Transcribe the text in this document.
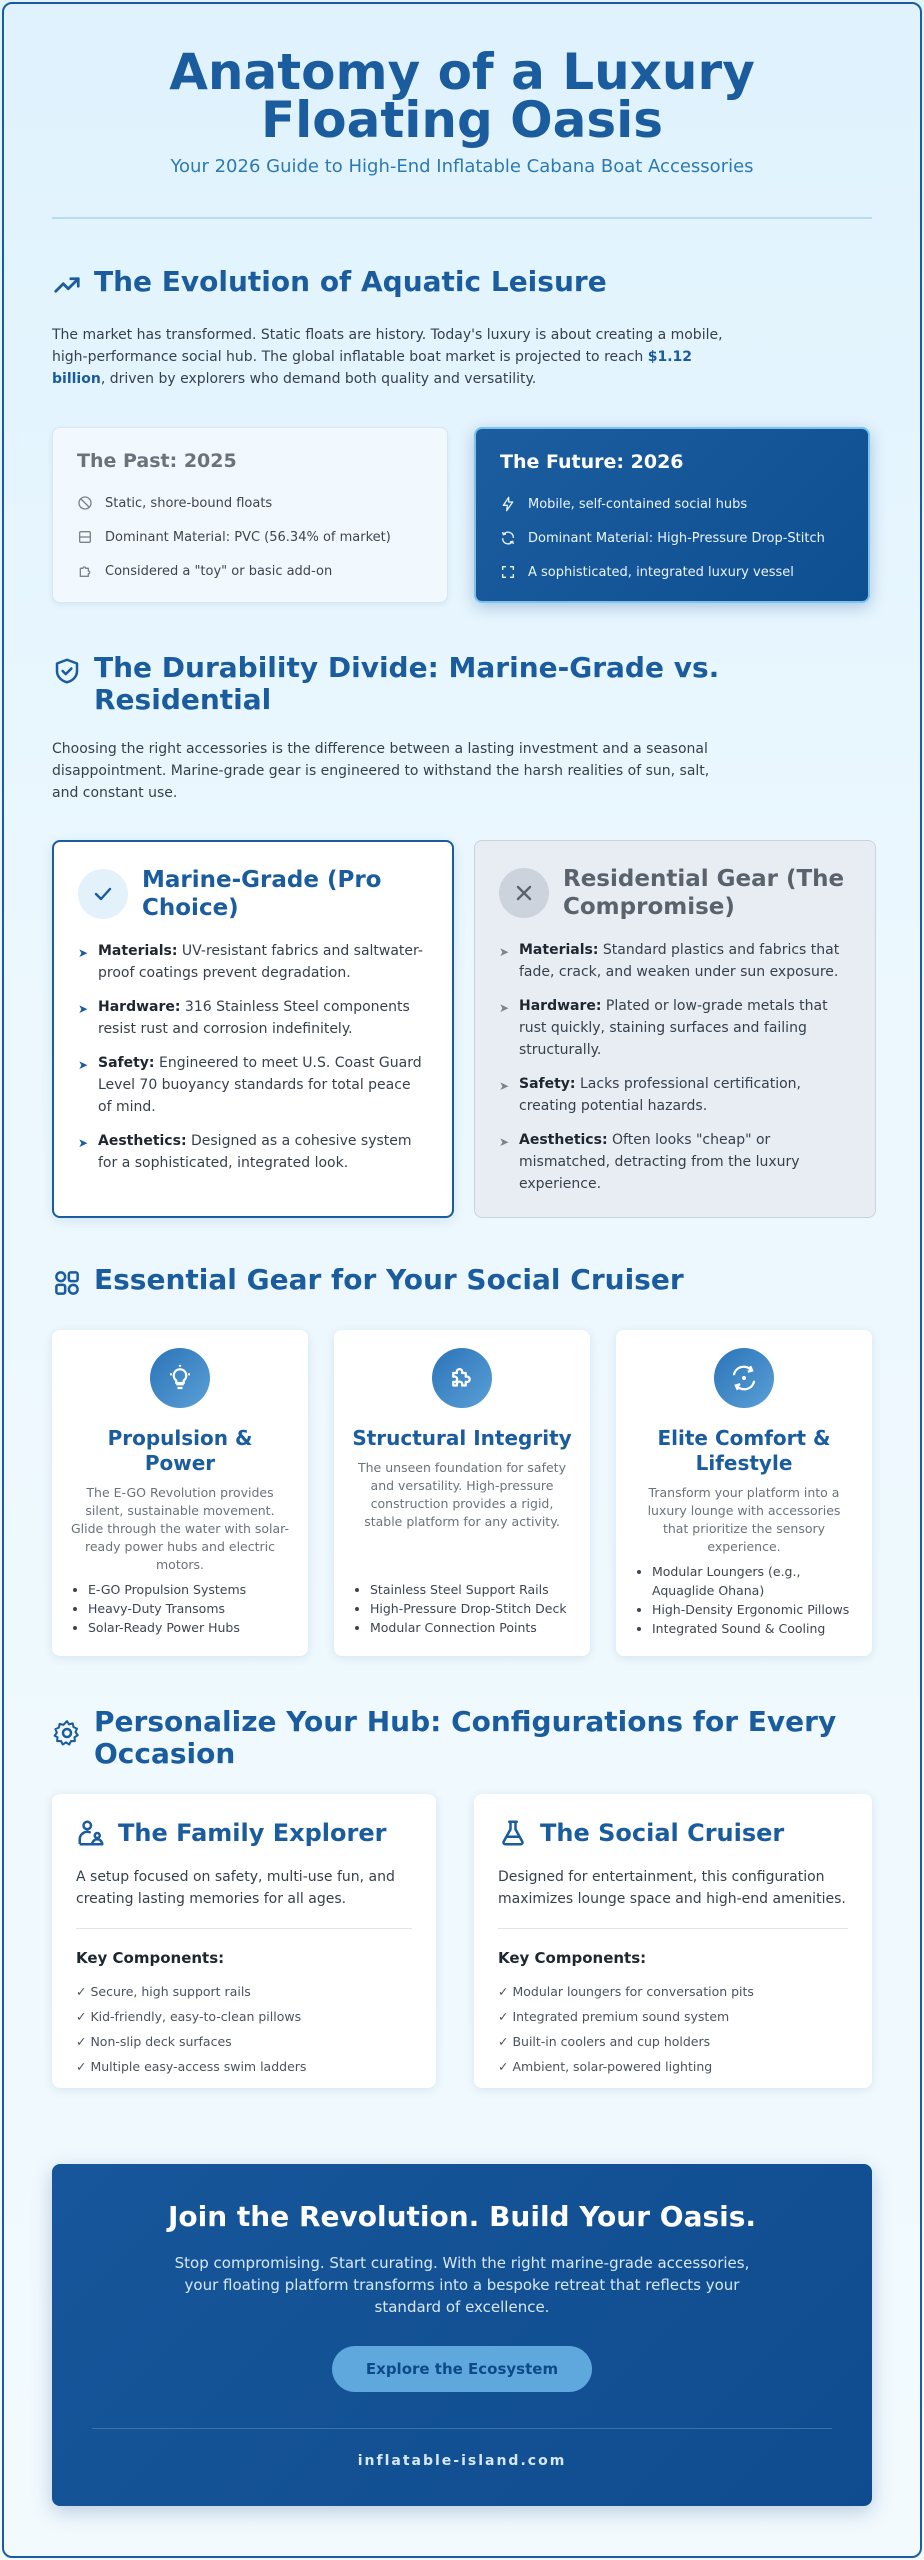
Anatomy of a Luxury Floating Oasis
Your 2026 Guide to High-End Inflatable Cabana Boat Accessories
The Evolution of Aquatic Leisure
The market has transformed. Static floats are history. Today's luxury is about creating a mobile, high-performance social hub. The global inflatable boat market is projected to reach $1.12 billion, driven by explorers who demand both quality and versatility.
The Past: 2025
Static, shore-bound floats
Dominant Material: PVC (56.34% of market)
Considered a "toy" or basic add-on
The Future: 2026
Mobile, self-contained social hubs
Dominant Material: High-Pressure Drop-Stitch
A sophisticated, integrated luxury vessel
The Durability Divide: Marine-Grade vs. Residential
Choosing the right accessories is the difference between a lasting investment and a seasonal disappointment. Marine-grade gear is engineered to withstand the harsh realities of sun, salt, and constant use.
Marine-Grade (Pro Choice)
➤ Materials: UV-resistant fabrics and saltwater-proof coatings prevent degradation.
➤ Hardware: 316 Stainless Steel components resist rust and corrosion indefinitely.
➤ Safety: Engineered to meet U.S. Coast Guard Level 70 buoyancy standards for total peace of mind.
➤ Aesthetics: Designed as a cohesive system for a sophisticated, integrated look.
Residential Gear (The Compromise)
➤ Materials: Standard plastics and fabrics that fade, crack, and weaken under sun exposure.
➤ Hardware: Plated or low-grade metals that rust quickly, staining surfaces and failing structurally.
➤ Safety: Lacks professional certification, creating potential hazards.
➤ Aesthetics: Often looks "cheap" or mismatched, detracting from the luxury experience.
Essential Gear for Your Social Cruiser
Propulsion & Power
The E-GO Revolution provides silent, sustainable movement. Glide through the water with solar-ready power hubs and electric motors.
• E-GO Propulsion Systems
• Heavy-Duty Transoms
• Solar-Ready Power Hubs
Structural Integrity
The unseen foundation for safety and versatility. High-pressure construction provides a rigid, stable platform for any activity.
• Stainless Steel Support Rails
• High-Pressure Drop-Stitch Deck
• Modular Connection Points
Elite Comfort & Lifestyle
Transform your platform into a luxury lounge with accessories that prioritize the sensory experience.
• Modular Loungers (e.g., Aquaglide Ohana)
• High-Density Ergonomic Pillows
• Integrated Sound & Cooling
Personalize Your Hub: Configurations for Every Occasion
The Family Explorer
A setup focused on safety, multi-use fun, and creating lasting memories for all ages.
Key Components:
✓ Secure, high support rails
✓ Kid-friendly, easy-to-clean pillows
✓ Non-slip deck surfaces
✓ Multiple easy-access swim ladders
The Social Cruiser
Designed for entertainment, this configuration maximizes lounge space and high-end amenities.
Key Components:
✓ Modular loungers for conversation pits
✓ Integrated premium sound system
✓ Built-in coolers and cup holders
✓ Ambient, solar-powered lighting
Join the Revolution. Build Your Oasis.
Stop compromising. Start curating. With the right marine-grade accessories, your floating platform transforms into a bespoke retreat that reflects your standard of excellence.
Explore the Ecosystem
inflatable-island.com
